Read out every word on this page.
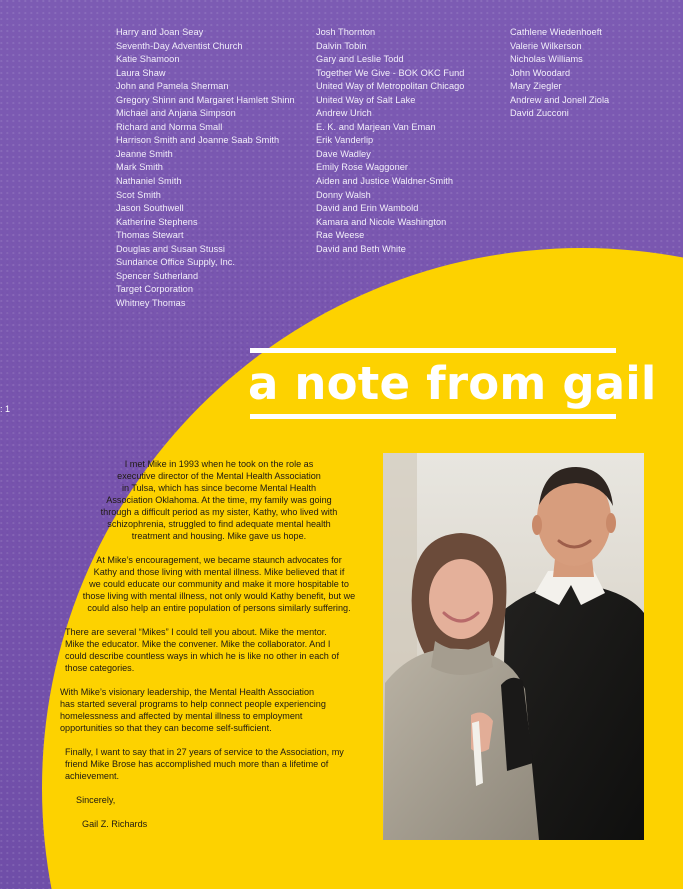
Harry and Joan Seay
Seventh-Day Adventist Church
Katie Shamoon
Laura Shaw
John and Pamela Sherman
Gregory Shinn and Margaret Hamlett Shinn
Michael and Anjana Simpson
Richard and Norma Small
Harrison Smith and Joanne Saab Smith
Jeanne Smith
Mark Smith
Nathaniel Smith
Scot Smith
Jason Southwell
Katherine Stephens
Thomas Stewart
Douglas and Susan Stussi
Sundance Office Supply, Inc.
Spencer Sutherland
Target Corporation
Whitney Thomas
Josh Thornton
Dalvin Tobin
Gary and Leslie Todd
Together We Give - BOK OKC Fund
United Way of Metropolitan Chicago
United Way of Salt Lake
Andrew Urich
E. K. and Marjean Van Eman
Erik Vanderlip
Dave Wadley
Emily Rose Waggoner
Aiden and Justice Waldner-Smith
Donny Walsh
David and Erin Wambold
Kamara and Nicole Washington
Rae Weese
David and Beth White
Cathlene Wiedenhoeft
Valerie Wilkerson
Nicholas Williams
John Woodard
Mary Ziegler
Andrew and Jonell Ziola
David Zucconi
: 1	a note from gail

I met Mike in 1993 when he took on the role as
executive director of the Mental Health Association
in Tulsa, which has since become Mental Health
Association Oklahoma. At the time, my family was going
through a difficult period as my sister, Kathy, who lived with
schizophrenia, struggled to find adequate mental health
treatment and housing. Mike gave us hope.

At Mike’s encouragement, we became staunch advocates for
Kathy and those living with mental illness. Mike believed that if
we could educate our community and make it more hospitable to
those living with mental illness, not only would Kathy benefit, but we
could also help an entire population of persons similarly suffering.

There are several “Mikes” I could tell you about. Mike the mentor.
Mike the educator. Mike the convener. Mike the collaborator. And I
could describe countless ways in which he is like no other in each of
those categories.

With Mike’s visionary leadership, the Mental Health Association
has started several programs to help connect people experiencing
homelessness and affected by mental illness to employment
opportunities so that they can become self-sufficient.

Finally, I want to say that in 27 years of service to the Association, my
friend Mike Brose has accomplished much more than a lifetime of
achievement.

Sincerely,

Gail Z. Richards
